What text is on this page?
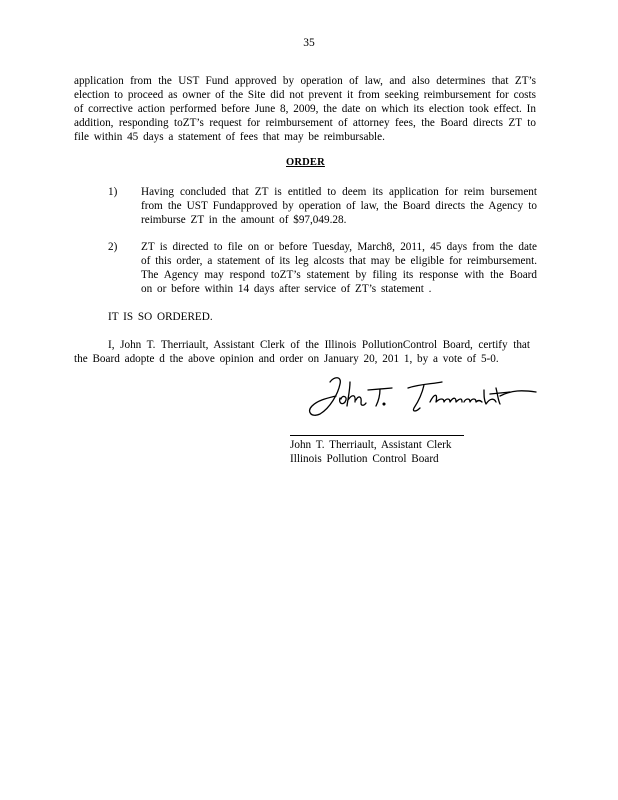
35
application from the UST Fund approved by operation of law, and also determines that ZT’s
election to proceed as owner of the Site did not prevent it from seeking reimbursement for costs
of corrective action performed before June 8, 2009, the date on which its election took effect. In
addition, responding toZT’s request for reimbursement of attorney fees, the Board directs ZT to
file within 45 days a statement of fees that may be reimbursable.
ORDER
1)	Having concluded that ZT is entitled to deem its application for reim bursement
from the UST Fundapproved by operation of law, the Board directs the Agency to
reimburse ZT in the amount of $97,049.28.
2)	ZT is directed to file on or before Tuesday, March8, 2011, 45 days from the date
of this order, a statement of its leg alcosts that may be eligible for reimbursement.
The Agency may respond toZT’s statement by filing its response with the Board
on or before within 14 days after service of ZT’s statement .
IT IS SO ORDERED.
I, John T. Therriault, Assistant Clerk of the Illinois PollutionControl Board, certify that
the Board adopte d the above opinion and order on January 20, 201 1, by a vote of 5-0.
John T. Therriault, Assistant Clerk
Illinois Pollution Control Board
